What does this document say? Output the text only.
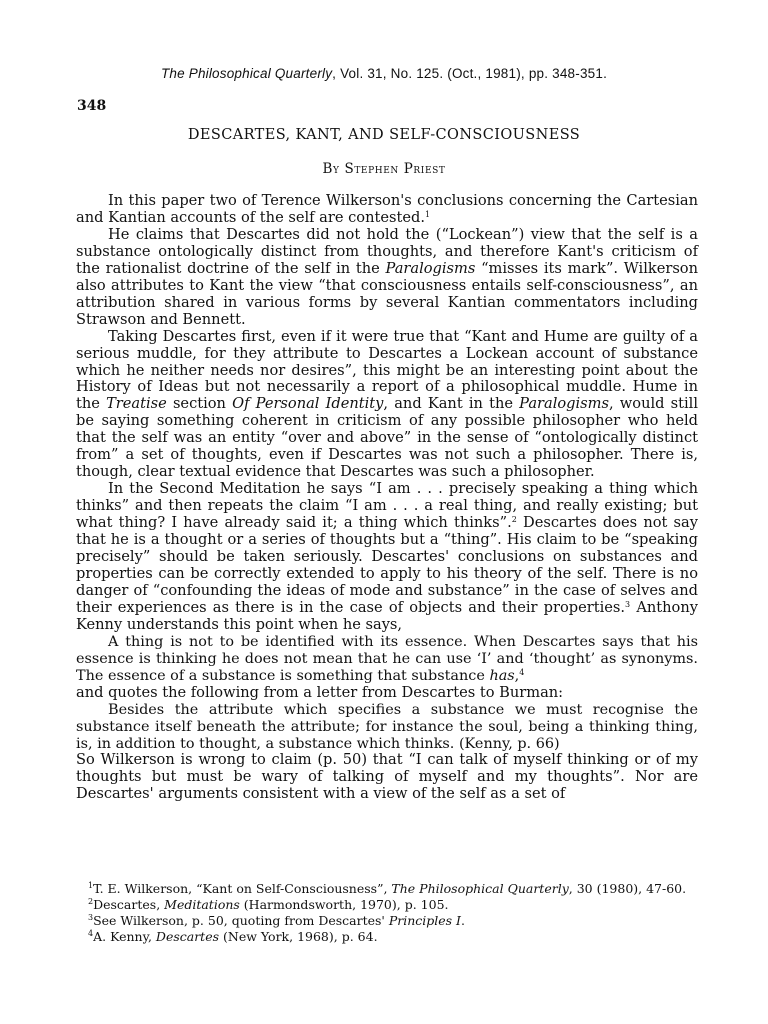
The Philosophical Quarterly, Vol. 31, No. 125. (Oct., 1981), pp. 348-351.
348
DESCARTES, KANT, AND SELF-CONSCIOUSNESS
By Stephen Priest

In this paper two of Terence Wilkerson's conclusions concerning the Cartesian and Kantian accounts of the self are contested.$^1$

He claims that Descartes did not hold the (“Lockean”) view that the self is a substance ontologically distinct from thoughts, and therefore Kant's criticism of the rationalist doctrine of the self in the Paralogisms “misses its mark”. Wilkerson also attributes to Kant the view “that consciousness entails self-consciousness”, an attribution shared in various forms by several Kantian commentators including Strawson and Bennett.

Taking Descartes first, even if it were true that “Kant and Hume are guilty of a serious muddle, for they attribute to Descartes a Lockean account of substance which he neither needs nor desires”, this might be an interesting point about the History of Ideas but not necessarily a report of a philosophical muddle. Hume in the Treatise section Of Personal Identity, and Kant in the Paralogisms, would still be saying something coherent in criticism of any possible philosopher who held that the self was an entity “over and above” in the sense of “ontologically distinct from” a set of thoughts, even if Descartes was not such a philosopher. There is, though, clear textual evidence that Descartes was such a philosopher.

In the Second Meditation he says “I am . . . precisely speaking a thing which thinks” and then repeats the claim “I am . . . a real thing, and really existing; but what thing? I have already said it; a thing which thinks”.$^2$ Descartes does not say that he is a thought or a series of thoughts but a “thing”. His claim to be “speaking precisely” should be taken seriously. Descartes' conclusions on substances and properties can be correctly extended to apply to his theory of the self. There is no danger of “confounding the ideas of mode and substance” in the case of selves and their experiences as there is in the case of objects and their properties.$^3$ Anthony Kenny understands this point when he says,

A thing is not to be identified with its essence. When Descartes says that his essence is thinking he does not mean that he can use ‘I’ and ‘thought’ as synonyms. The essence of a substance is something that substance has,$^4$

and quotes the following from a letter from Descartes to Burman:

Besides the attribute which specifies a substance we must recognise the substance itself beneath the attribute; for instance the soul, being a thinking thing, is, in addition to thought, a substance which thinks. (Kenny, p. 66)

So Wilkerson is wrong to claim (p. 50) that “I can talk of myself thinking or of my thoughts but must be wary of talking of myself and my thoughts”. Nor are Descartes' arguments consistent with a view of the self as a set of

$^1$T. E. Wilkerson, “Kant on Self-Consciousness”, The Philosophical Quarterly, 30 (1980), 47-60.

$^2$Descartes, Meditations (Harmondsworth, 1970), p. 105.

$^3$See Wilkerson, p. 50, quoting from Descartes' Principles I.

$^4$A. Kenny, Descartes (New York, 1968), p. 64.
